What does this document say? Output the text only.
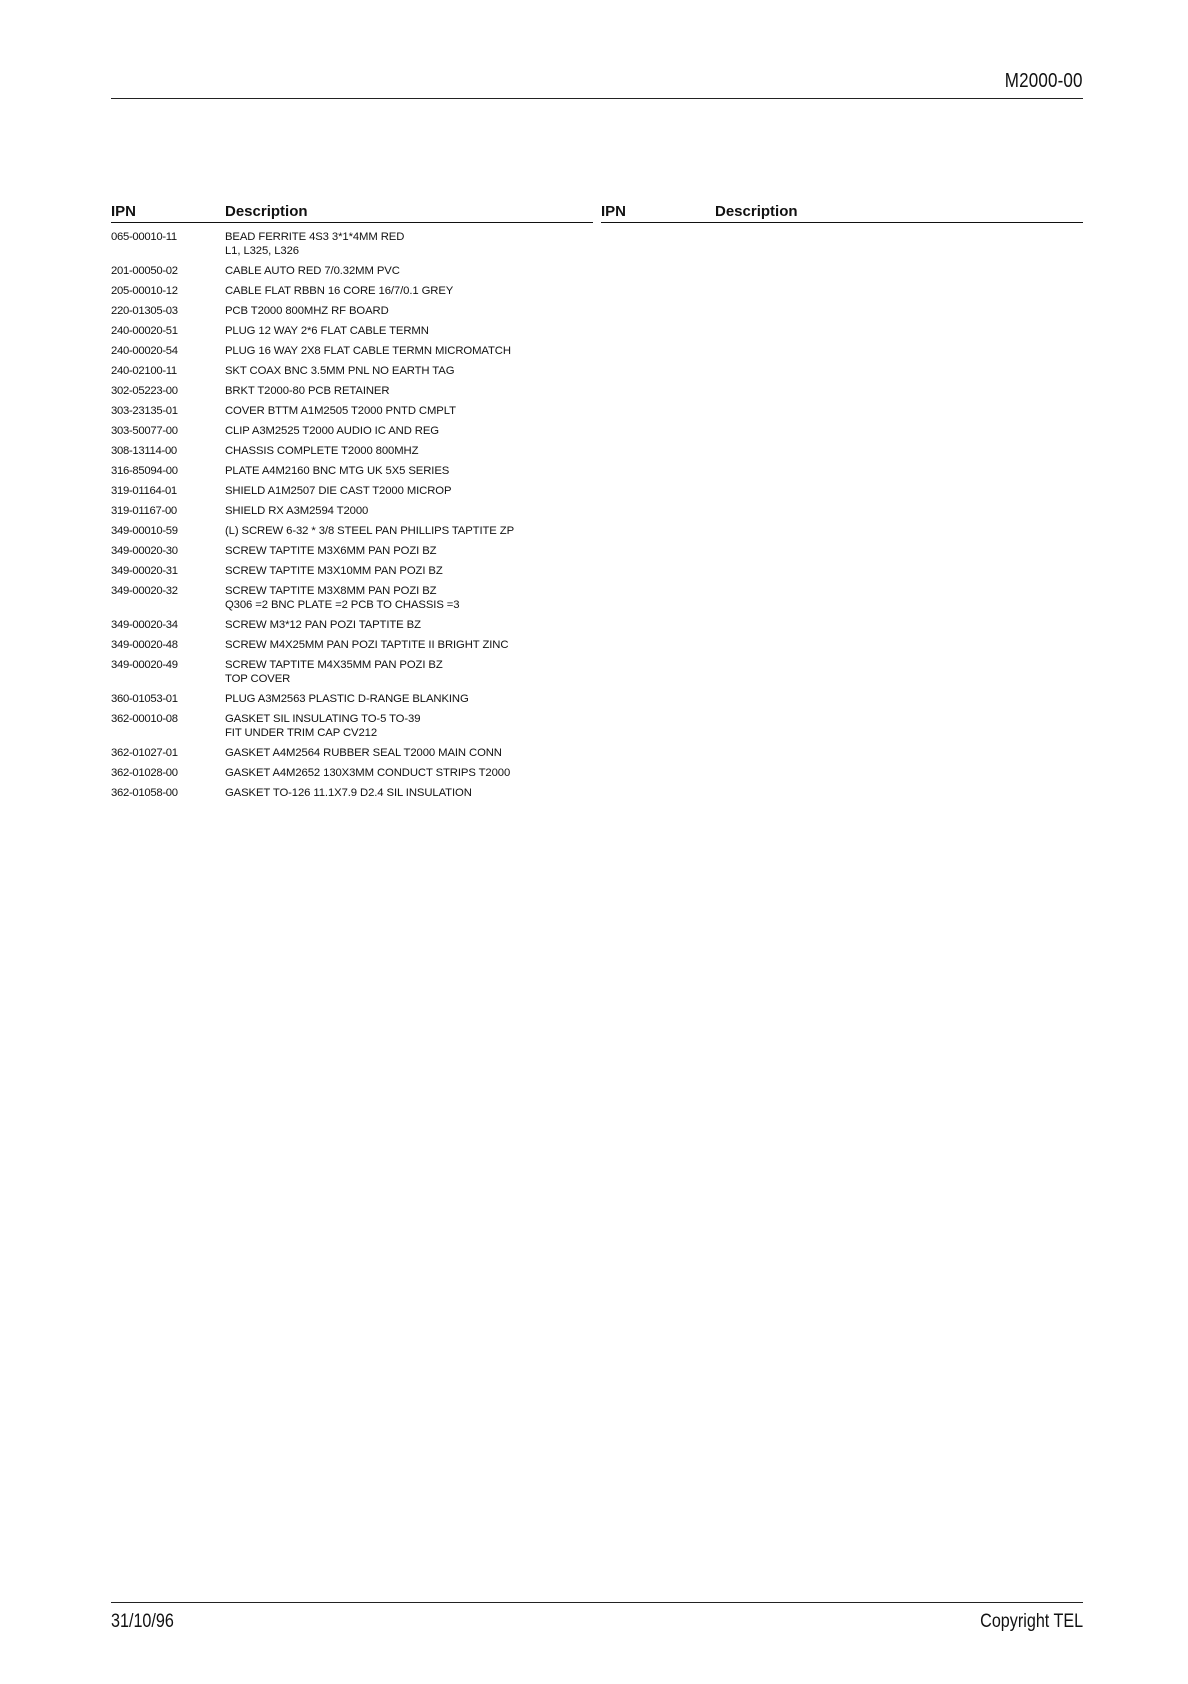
M2000-00
IPN	Description
065-00010-11	BEAD FERRITE 4S3 3*1*4MM RED
L1, L325, L326
201-00050-02	CABLE AUTO RED 7/0.32MM PVC
205-00010-12	CABLE FLAT RBBN 16 CORE 16/7/0.1 GREY
220-01305-03	PCB T2000 800MHZ RF BOARD
240-00020-51	PLUG 12 WAY 2*6 FLAT CABLE TERMN
240-00020-54	PLUG 16 WAY 2X8 FLAT CABLE TERMN MICROMATCH
240-02100-11	SKT COAX BNC 3.5MM PNL NO EARTH TAG
302-05223-00	BRKT T2000-80 PCB RETAINER
303-23135-01	COVER BTTM A1M2505 T2000 PNTD CMPLT
303-50077-00	CLIP A3M2525 T2000 AUDIO IC AND REG
308-13114-00	CHASSIS COMPLETE T2000 800MHZ
316-85094-00	PLATE A4M2160 BNC MTG UK 5X5 SERIES
319-01164-01	SHIELD A1M2507 DIE CAST T2000 MICROP
319-01167-00	SHIELD RX A3M2594 T2000
349-00010-59	(L) SCREW 6-32 * 3/8 STEEL PAN PHILLIPS TAPTITE ZP
349-00020-30	SCREW TAPTITE M3X6MM PAN POZI BZ
349-00020-31	SCREW TAPTITE M3X10MM PAN POZI BZ
349-00020-32	SCREW TAPTITE M3X8MM PAN POZI BZ
Q306 =2 BNC PLATE =2 PCB TO CHASSIS =3
349-00020-34	SCREW M3*12 PAN POZI TAPTITE BZ
349-00020-48	SCREW M4X25MM PAN POZI TAPTITE II BRIGHT ZINC
349-00020-49	SCREW TAPTITE M4X35MM PAN POZI BZ
TOP COVER
360-01053-01	PLUG A3M2563 PLASTIC D-RANGE BLANKING
362-00010-08	GASKET SIL INSULATING TO-5 TO-39
FIT UNDER TRIM CAP CV212
362-01027-01	GASKET A4M2564 RUBBER SEAL T2000 MAIN CONN
362-01028-00	GASKET A4M2652 130X3MM CONDUCT STRIPS T2000
362-01058-00	GASKET TO-126 11.1X7.9 D2.4 SIL INSULATION
IPN	Description
31/10/96	Copyright TEL
